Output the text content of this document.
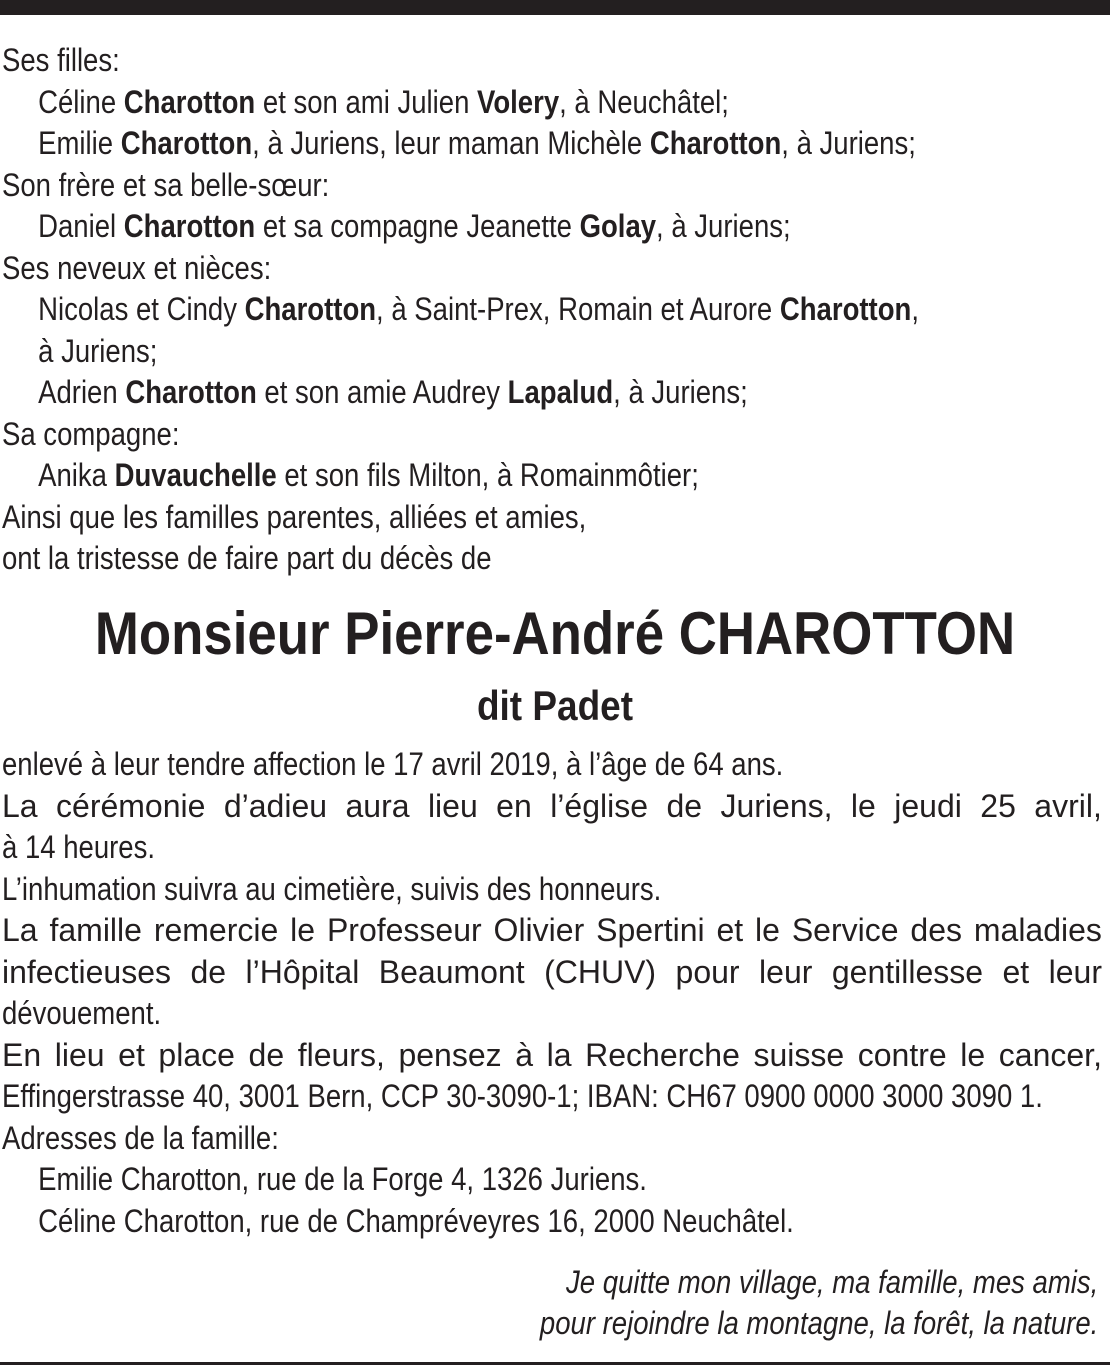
Ses filles:
Céline Charotton et son ami Julien Volery, à Neuchâtel;
Emilie Charotton, à Juriens, leur maman Michèle Charotton, à Juriens;
Son frère et sa belle-sœur:
Daniel Charotton et sa compagne Jeanette Golay, à Juriens;
Ses neveux et nièces:
Nicolas et Cindy Charotton, à Saint-Prex, Romain et Aurore Charotton,
à Juriens;
Adrien Charotton et son amie Audrey Lapalud, à Juriens;
Sa compagne:
Anika Duvauchelle et son fils Milton, à Romainmôtier;
Ainsi que les familles parentes, alliées et amies,
ont la tristesse de faire part du décès de
Monsieur Pierre-André CHAROTTON
dit Padet
enlevé à leur tendre affection le 17 avril 2019, à l’âge de 64 ans.
La cérémonie d’adieu aura lieu en l’église de Juriens, le jeudi 25 avril,
à 14 heures.
L’inhumation suivra au cimetière, suivis des honneurs.
La famille remercie le Professeur Olivier Spertini et le Service des maladies
infectieuses de l’Hôpital Beaumont (CHUV) pour leur gentillesse et leur
dévouement.
En lieu et place de fleurs, pensez à la Recherche suisse contre le cancer,
Effingerstrasse 40, 3001 Bern, CCP 30-3090-1; IBAN: CH67 0900 0000 3000 3090 1.
Adresses de la famille:
Emilie Charotton, rue de la Forge 4, 1326 Juriens.
Céline Charotton, rue de Champréveyres 16, 2000 Neuchâtel.
Je quitte mon village, ma famille, mes amis,
pour rejoindre la montagne, la forêt, la nature.
